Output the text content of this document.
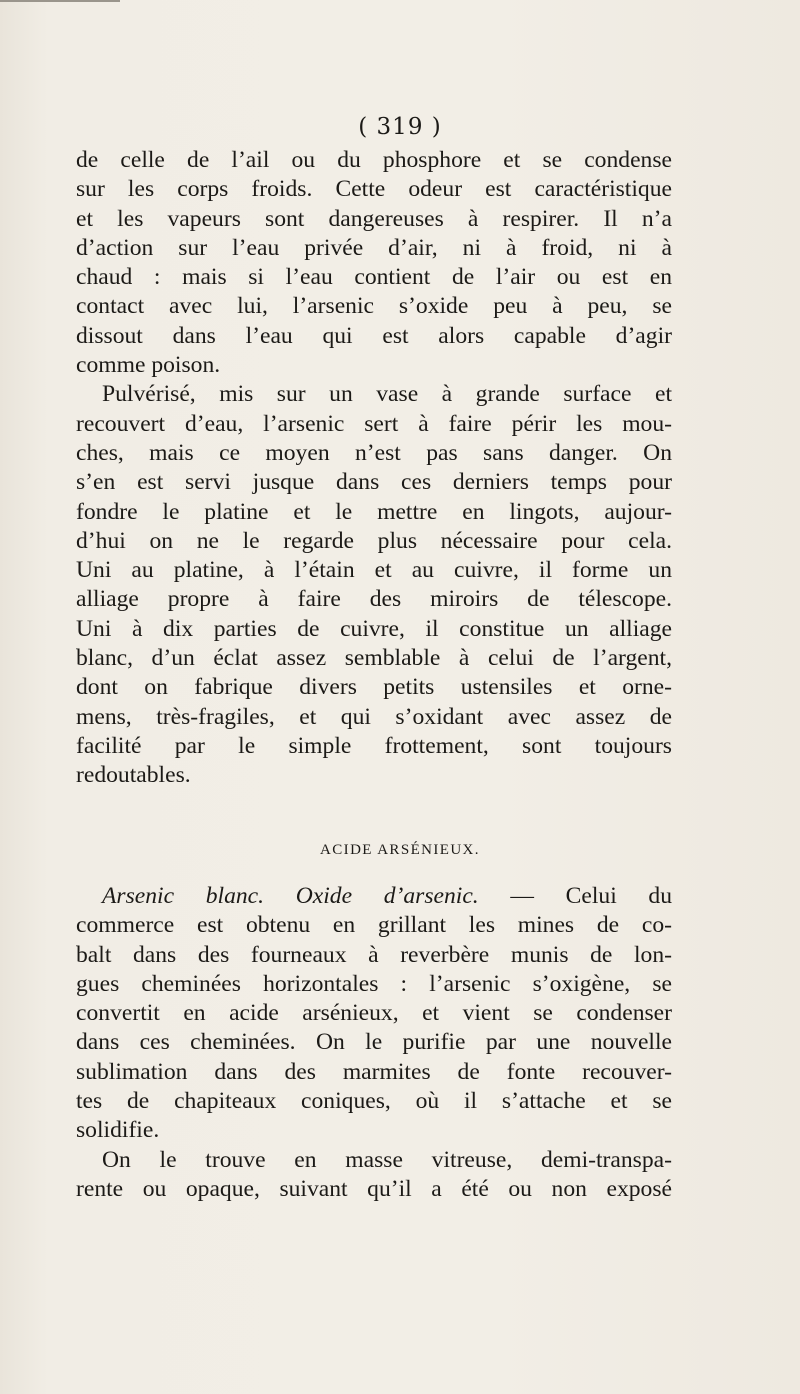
( 319 )

de celle de l’ail ou du phosphore et se condense
sur les corps froids. Cette odeur est caractéristique
et les vapeurs sont dangereuses à respirer. Il n’a
d’action sur l’eau privée d’air, ni à froid, ni à
chaud : mais si l’eau contient de l’air ou est en
contact avec lui, l’arsenic s’oxide peu à peu, se
dissout dans l’eau qui est alors capable d’agir
comme poison.

Pulvérisé, mis sur un vase à grande surface et
recouvert d’eau, l’arsenic sert à faire périr les mou-
ches, mais ce moyen n’est pas sans danger. On
s’en est servi jusque dans ces derniers temps pour
fondre le platine et le mettre en lingots, aujour-
d’hui on ne le regarde plus nécessaire pour cela.
Uni au platine, à l’étain et au cuivre, il forme un
alliage propre à faire des miroirs de télescope.
Uni à dix parties de cuivre, il constitue un alliage
blanc, d’un éclat assez semblable à celui de l’argent,
dont on fabrique divers petits ustensiles et orne-
mens, très-fragiles, et qui s’oxidant avec assez de
facilité par le simple frottement, sont toujours
redoutables.

ACIDE ARSÉNIEUX.

Arsenic blanc. Oxide d’arsenic. — Celui du
commerce est obtenu en grillant les mines de co-
balt dans des fourneaux à reverbère munis de lon-
gues cheminées horizontales : l’arsenic s’oxigène, se
convertit en acide arsénieux, et vient se condenser
dans ces cheminées. On le purifie par une nouvelle
sublimation dans des marmites de fonte recouver-
tes de chapiteaux coniques, où il s’attache et se
solidifie.

On le trouve en masse vitreuse, demi-transpa-
rente ou opaque, suivant qu’il a été ou non exposé
